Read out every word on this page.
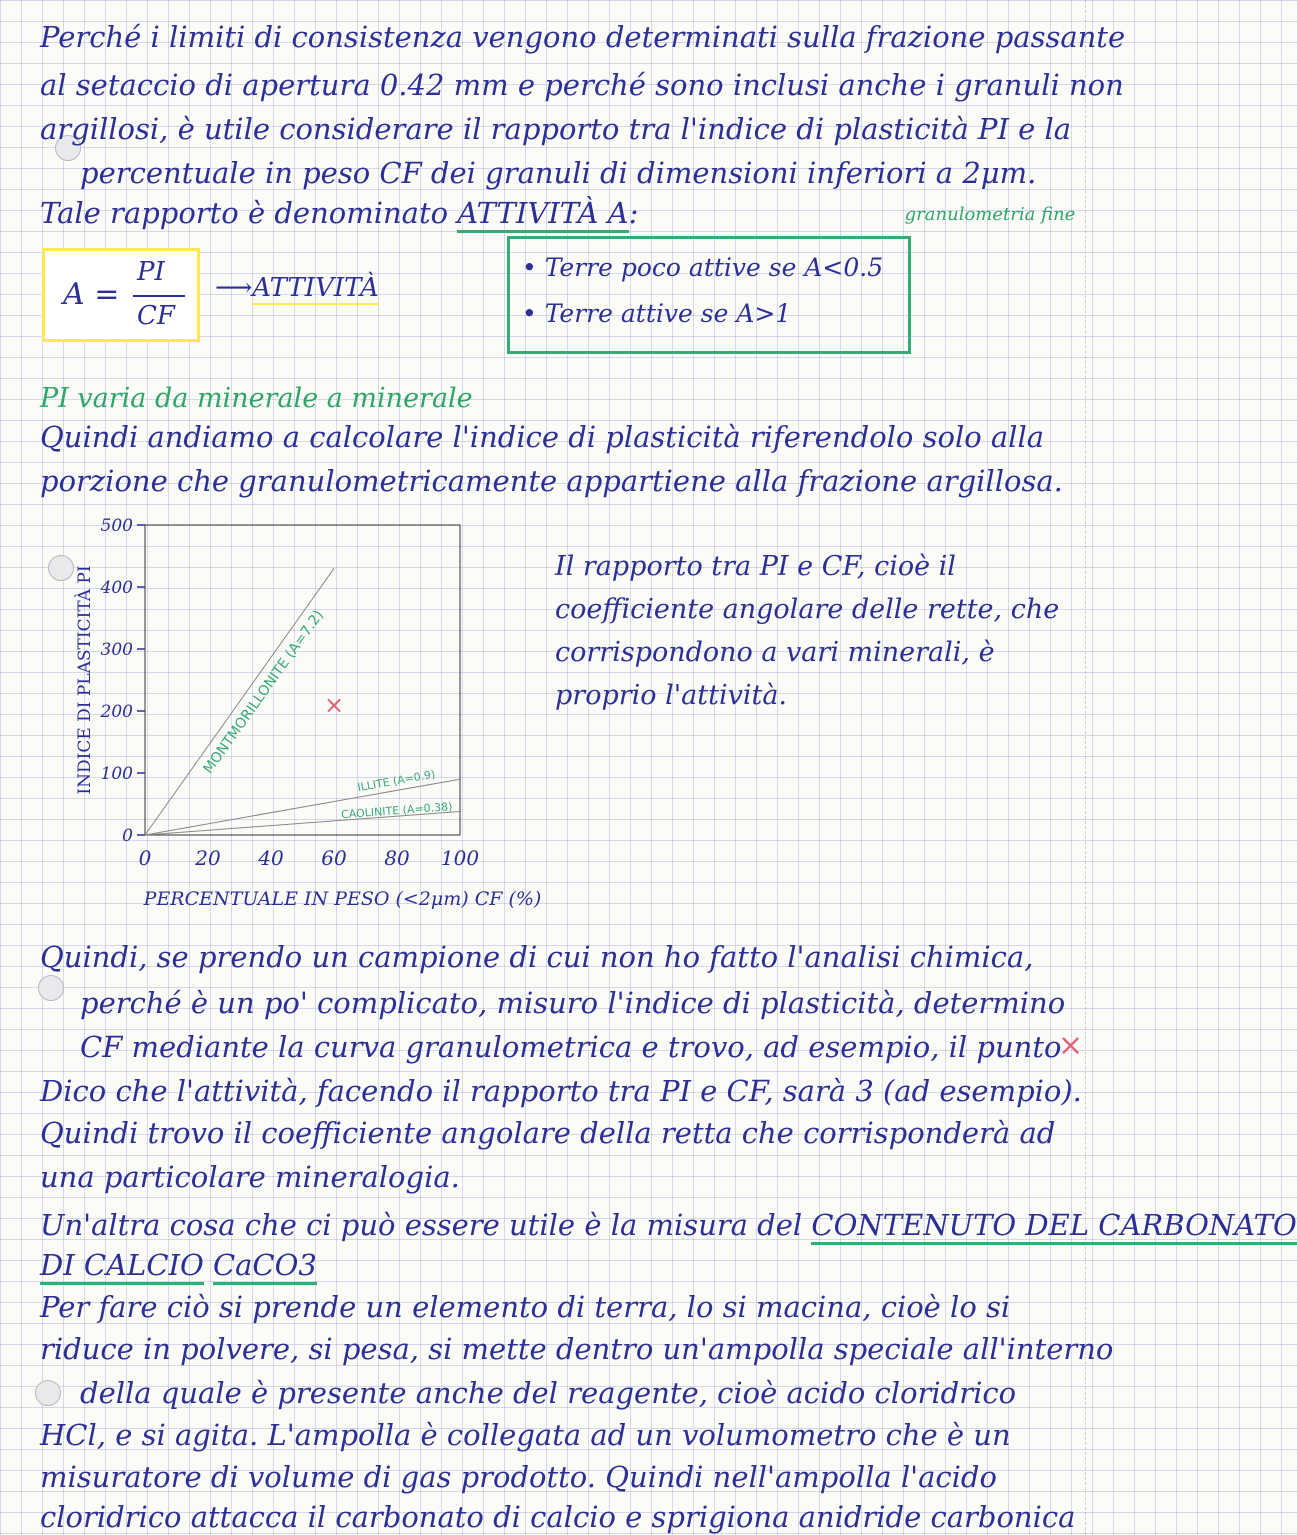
Perché i limiti di consistenza vengono determinati sulla frazione passante
al setaccio di apertura 0.42 mm e perché sono inclusi anche i granuli non
argillosi, è utile considerare il rapporto tra l'indice di plasticità PI e la
percentuale in peso CF dei granuli di dimensioni inferiori a 2μm.
Tale rapporto è denominato ATTIVITÀ A:	granulometria fine
A =
PI
CF
⟶ATTIVITÀ
• Terre poco attive se A<0.5
• Terre attive se A>1
PI varia da minerale a minerale
Quindi andiamo a calcolare l'indice di plasticità riferendolo solo alla
porzione che granulometricamente appartiene alla frazione argillosa.
0
100
200
300
400
500
0 20 40 60 80 100
INDICE DI PLASTICITÀ PI
PERCENTUALE IN PESO (<2μm) CF (%)
MONTMORILLONITE (A=7.2)
ILLITE (A=0.9)
CAOLINITE (A=0.38)
×
Il rapporto tra PI e CF, cioè il
coefficiente angolare delle rette, che
corrispondono a vari minerali, è
proprio l'attività.
Quindi, se prendo un campione di cui non ho fatto l'analisi chimica,
perché è un po' complicato, misuro l'indice di plasticità, determino
CF mediante la curva granulometrica e trovo, ad esempio, il punto
×
Dico che l'attività, facendo il rapporto tra PI e CF, sarà 3 (ad esempio).
Quindi trovo il coefficiente angolare della retta che corrisponderà ad
una particolare mineralogia.
Un'altra cosa che ci può essere utile è la misura del CONTENUTO DEL CARBONATO
DI CALCIO CaCO3
Per fare ciò si prende un elemento di terra, lo si macina, cioè lo si
riduce in polvere, si pesa, si mette dentro un'ampolla speciale all'interno
della quale è presente anche del reagente, cioè acido cloridrico
HCl, e si agita. L'ampolla è collegata ad un volumometro che è un
misuratore di volume di gas prodotto. Quindi nell'ampolla l'acido
cloridrico attacca il carbonato di calcio e sprigiona anidride carbonica
